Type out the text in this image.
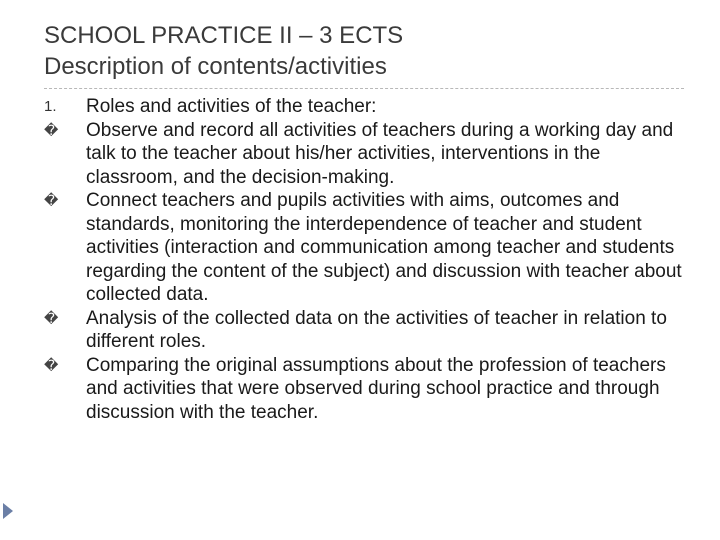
SCHOOL PRACTICE II – 3 ECTS
Description of contents/activities
1.	Roles and activities of the teacher:
�	Observe and record all activities of teachers during a working day and talk to the teacher about his/her activities, interventions in the classroom, and the decision-making.
�	Connect teachers and pupils activities with aims, outcomes and standards, monitoring the interdependence of teacher and student activities (interaction and communication among teacher and students regarding the content of the subject) and discussion with teacher about collected data.
�	Analysis of the collected data on the activities of teacher in relation to different roles.
�	Comparing the original assumptions about the profession of teachers and activities that were observed during school practice and through discussion with the teacher.
